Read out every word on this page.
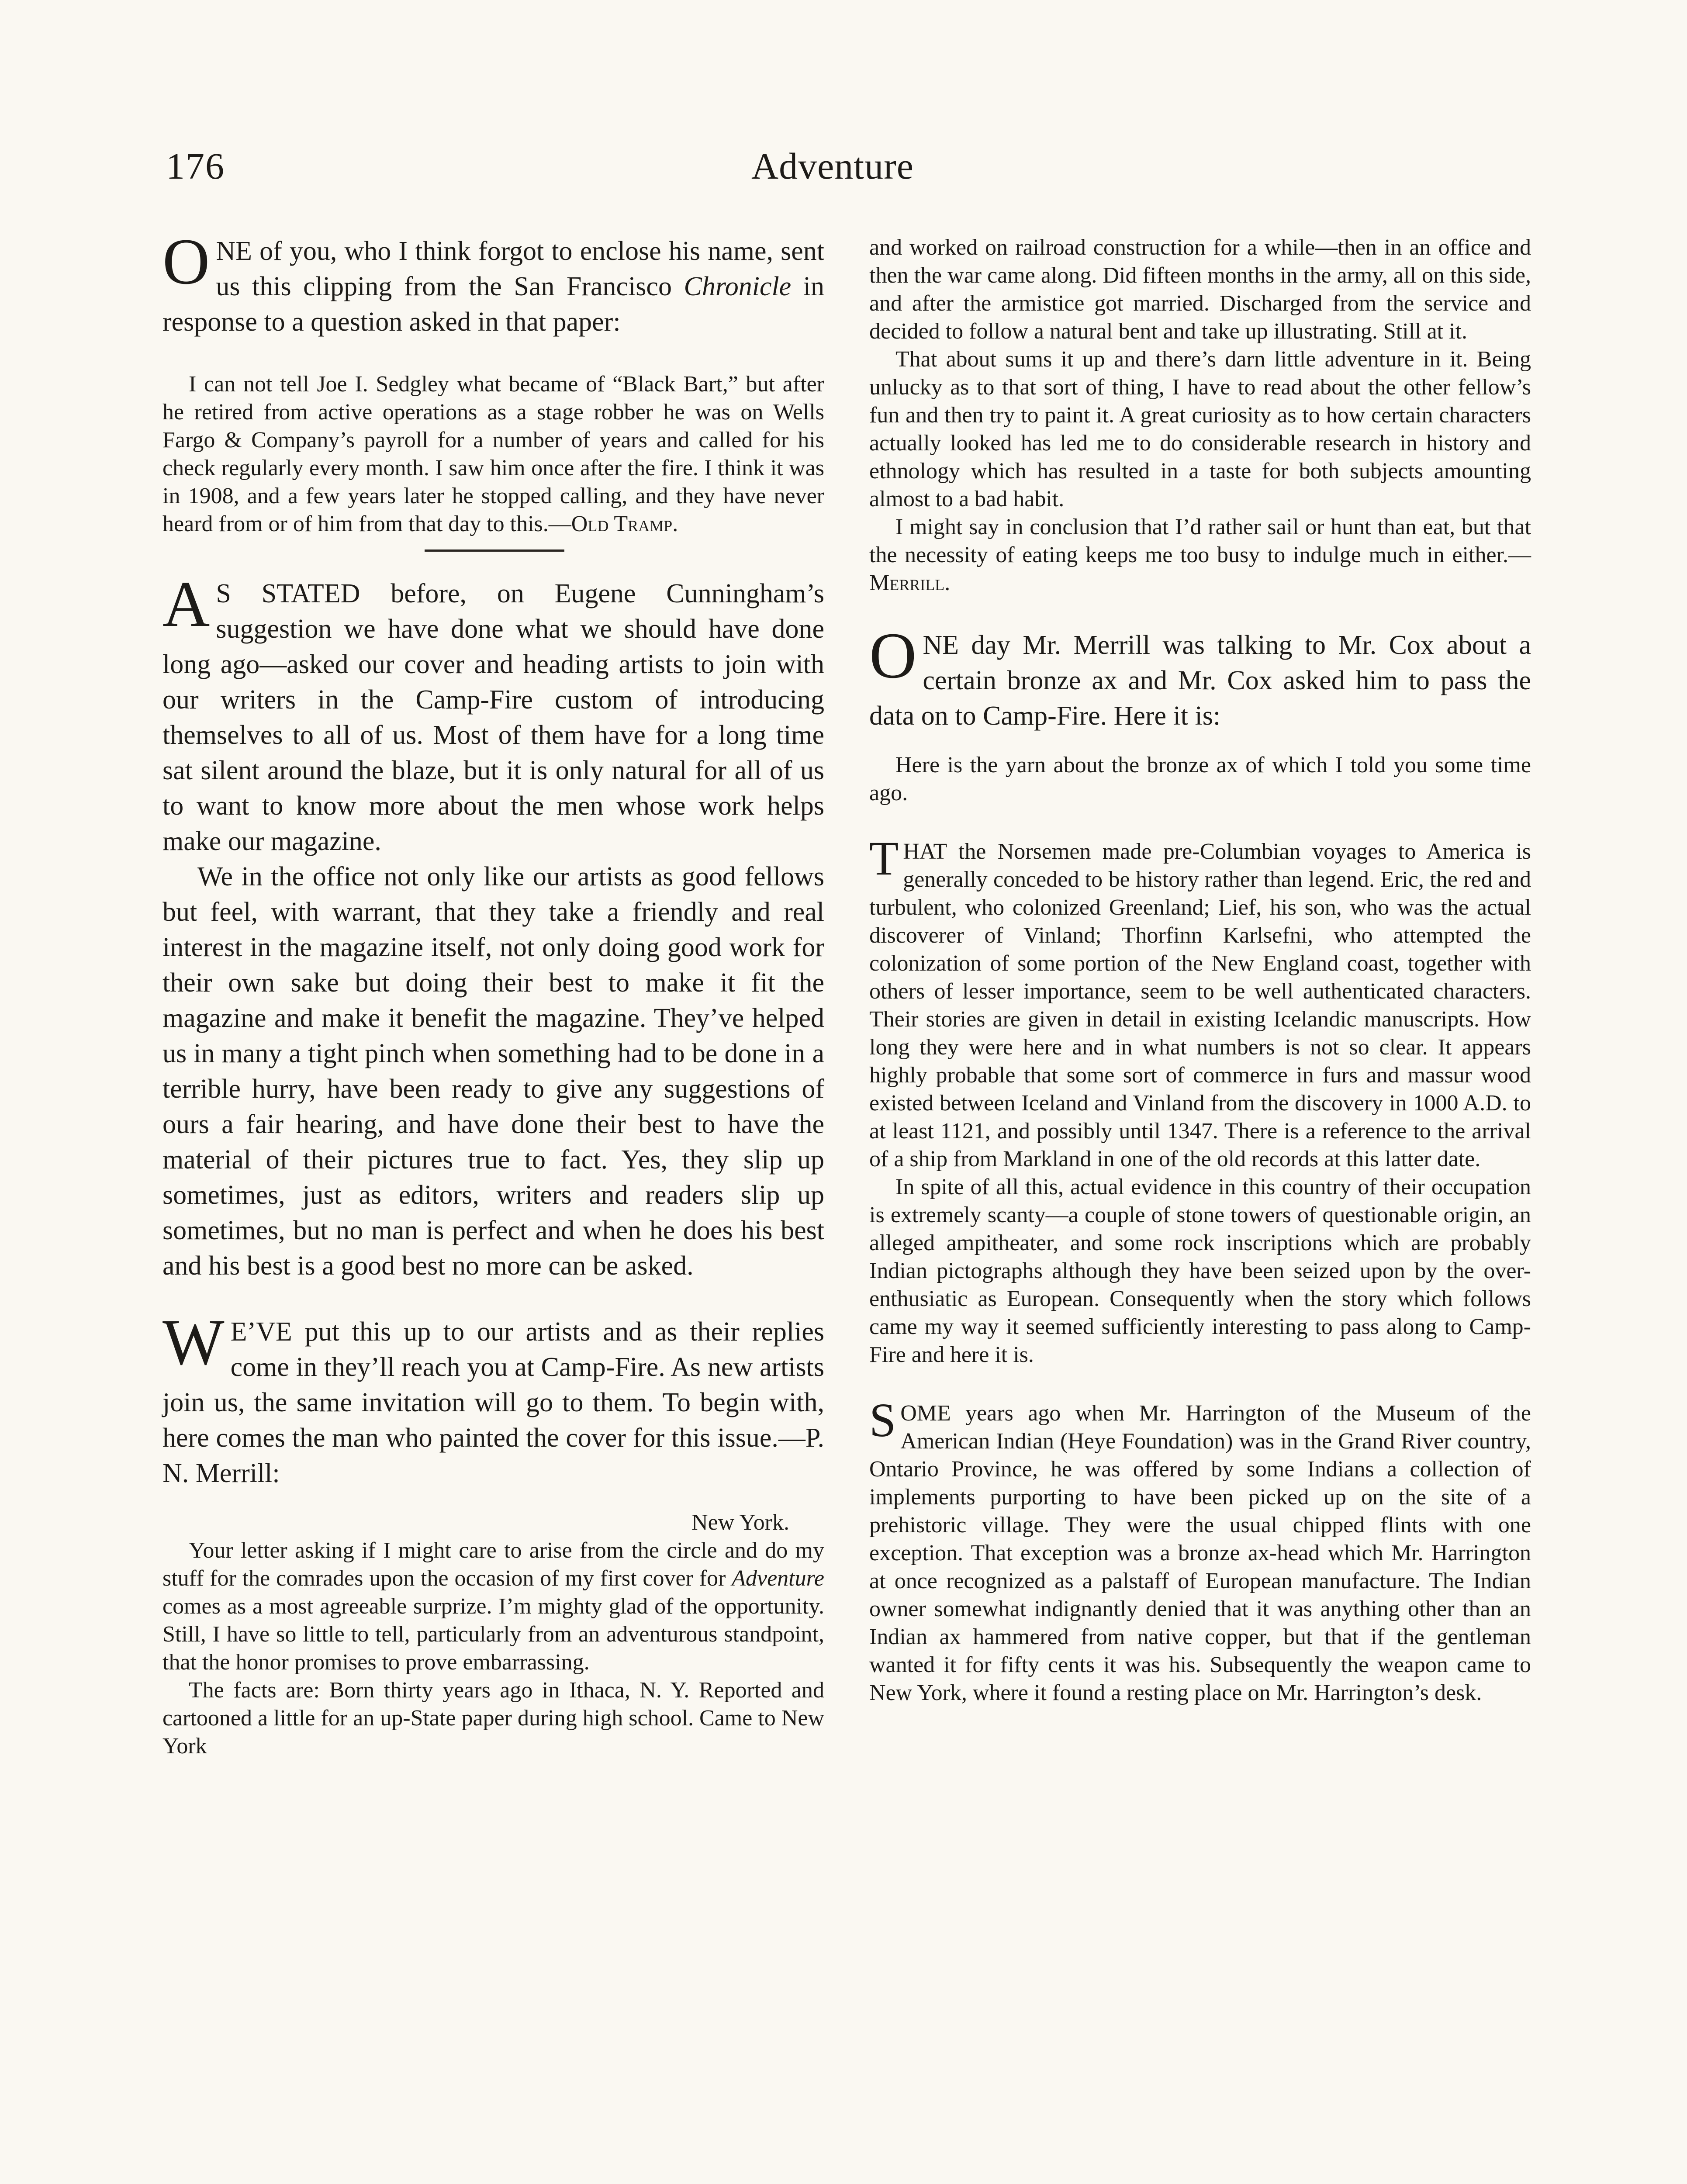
176	Adventure

ONE of you, who I think forgot to enclose his name, sent us this clipping from the San Francisco Chronicle in response to a question asked in that paper:

I can not tell Joe I. Sedgley what became of “Black Bart,” but after he retired from active operations as a stage robber he was on Wells Fargo & Company’s payroll for a number of years and called for his check regularly every month. I saw him once after the fire. I think it was in 1908, and a few years later he stopped calling, and they have never heard from or of him from that day to this.—Old Tramp.

A S STATED before, on Eugene Cunningham’s suggestion we have done what we should have done long ago—asked our cover and heading artists to join with our writers in the Camp-Fire custom of introducing themselves to all of us. Most of them have for a long time sat silent around the blaze, but it is only natural for all of us to want to know more about the men whose work helps make our magazine.

We in the office not only like our artists as good fellows but feel, with warrant, that they take a friendly and real interest in the magazine itself, not only doing good work for their own sake but doing their best to make it fit the magazine and make it benefit the magazine. They’ve helped us in many a tight pinch when something had to be done in a terrible hurry, have been ready to give any suggestions of ours a fair hearing, and have done their best to have the material of their pictures true to fact. Yes, they slip up sometimes, just as editors, writers and readers slip up sometimes, but no man is perfect and when he does his best and his best is a good best no more can be asked.

W E’VE put this up to our artists and as their replies come in they’ll reach you at Camp-Fire. As new artists join us, the same invitation will go to them. To begin with, here comes the man who painted the cover for this issue.—P. N. Merrill:

New York.

Your letter asking if I might care to arise from the circle and do my stuff for the comrades upon the occasion of my first cover for Adventure comes as a most agreeable surprize. I’m mighty glad of the opportunity. Still, I have so little to tell, particularly from an adventurous standpoint, that the honor promises to prove embarrassing.

The facts are: Born thirty years ago in Ithaca, N. Y. Reported and cartooned a little for an up-State paper during high school. Came to New York

and worked on railroad construction for a while—then in an office and then the war came along. Did fifteen months in the army, all on this side, and after the armistice got married. Discharged from the service and decided to follow a natural bent and take up illustrating. Still at it.

That about sums it up and there’s darn little adventure in it. Being unlucky as to that sort of thing, I have to read about the other fellow’s fun and then try to paint it. A great curiosity as to how certain characters actually looked has led me to do considerable research in history and ethnology which has resulted in a taste for both subjects amounting almost to a bad habit.

I might say in conclusion that I’d rather sail or hunt than eat, but that the necessity of eating keeps me too busy to indulge much in either.—Merrill.

ONE day Mr. Merrill was talking to Mr. Cox about a certain bronze ax and Mr. Cox asked him to pass the data on to Camp-Fire. Here it is:

Here is the yarn about the bronze ax of which I told you some time ago.

THAT the Norsemen made pre-Columbian voyages to America is generally conceded to be history rather than legend. Eric, the red and turbulent, who colonized Greenland; Lief, his son, who was the actual discoverer of Vinland; Thorfinn Karlsefni, who attempted the colonization of some portion of the New England coast, together with others of lesser importance, seem to be well authenticated characters. Their stories are given in detail in existing Icelandic manuscripts. How long they were here and in what numbers is not so clear. It appears highly probable that some sort of commerce in furs and massur wood existed between Iceland and Vinland from the discovery in 1000 A.D. to at least 1121, and possibly until 1347. There is a reference to the arrival of a ship from Markland in one of the old records at this latter date.

In spite of all this, actual evidence in this country of their occupation is extremely scanty—a couple of stone towers of questionable origin, an alleged ampitheater, and some rock inscriptions which are probably Indian pictographs although they have been seized upon by the over-enthusiatic as European. Consequently when the story which follows came my way it seemed sufficiently interesting to pass along to Camp-Fire and here it is.

SOME years ago when Mr. Harrington of the Museum of the American Indian (Heye Foundation) was in the Grand River country, Ontario Province, he was offered by some Indians a collection of implements purporting to have been picked up on the site of a prehistoric village. They were the usual chipped flints with one exception. That exception was a bronze ax-head which Mr. Harrington at once recognized as a palstaff of European manufacture. The Indian owner somewhat indignantly denied that it was anything other than an Indian ax hammered from native copper, but that if the gentleman wanted it for fifty cents it was his. Subsequently the weapon came to New York, where it found a resting place on Mr. Harrington’s desk.
